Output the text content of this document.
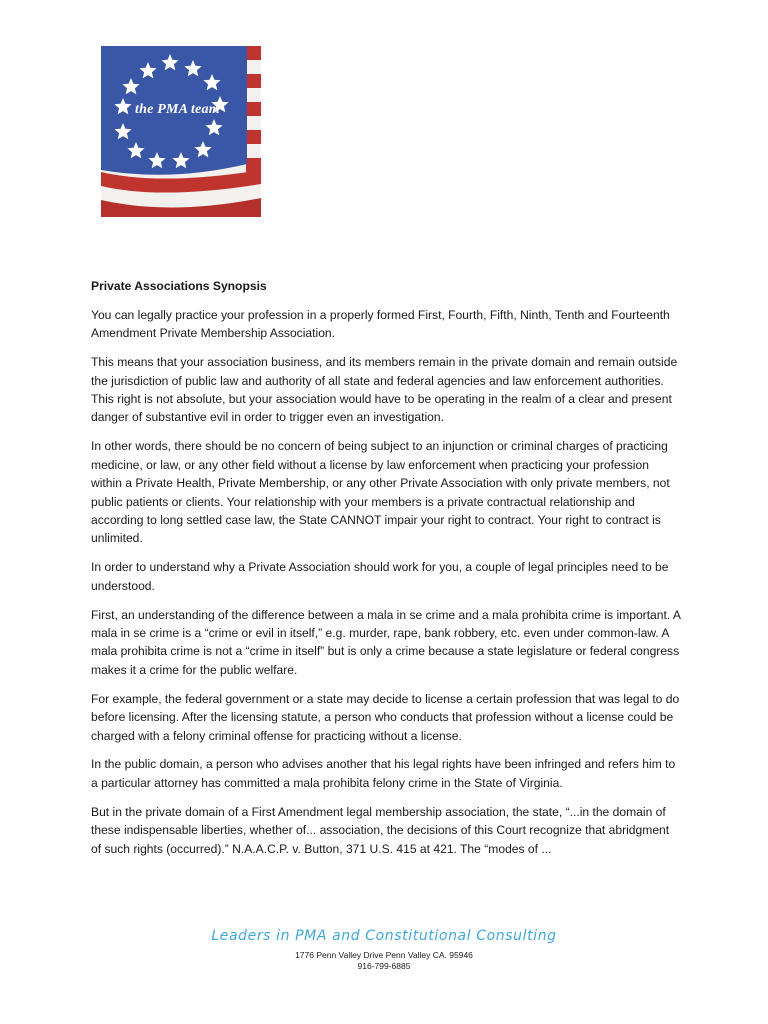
the PMA team
Private Associations Synopsis

You can legally practice your profession in a properly formed First, Fourth, Fifth, Ninth, Tenth and Fourteenth Amendment Private Membership Association.

This means that your association business, and its members remain in the private domain and remain outside the jurisdiction of public law and authority of all state and federal agencies and law enforcement authorities. This right is not absolute, but your association would have to be operating in the realm of a clear and present danger of substantive evil in order to trigger even an investigation.

In other words, there should be no concern of being subject to an injunction or criminal charges of practicing medicine, or law, or any other field without a license by law enforcement when practicing your profession within a Private Health, Private Membership, or any other Private Association with only private members, not public patients or clients. Your relationship with your members is a private contractual relationship and according to long settled case law, the State CANNOT impair your right to contract. Your right to contract is unlimited.

In order to understand why a Private Association should work for you, a couple of legal principles need to be understood.

First, an understanding of the difference between a mala in se crime and a mala prohibita crime is important. A mala in se crime is a “crime or evil in itself,” e.g. murder, rape, bank robbery, etc. even under common-law. A mala prohibita crime is not a “crime in itself” but is only a crime because a state legislature or federal congress makes it a crime for the public welfare.

For example, the federal government or a state may decide to license a certain profession that was legal to do before licensing. After the licensing statute, a person who conducts that profession without a license could be charged with a felony criminal offense for practicing without a license.

In the public domain, a person who advises another that his legal rights have been infringed and refers him to a particular attorney has committed a mala prohibita felony crime in the State of Virginia.

But in the private domain of a First Amendment legal membership association, the state, “...in the domain of these indispensable liberties, whether of... association, the decisions of this Court recognize that abridgment of such rights (occurred).” N.A.A.C.P. v. Button, 371 U.S. 415 at 421. The “modes of ...

Leaders in PMA and Constitutional Consulting

1776 Penn Valley Drive Penn Valley CA. 95946

916-799-6885
